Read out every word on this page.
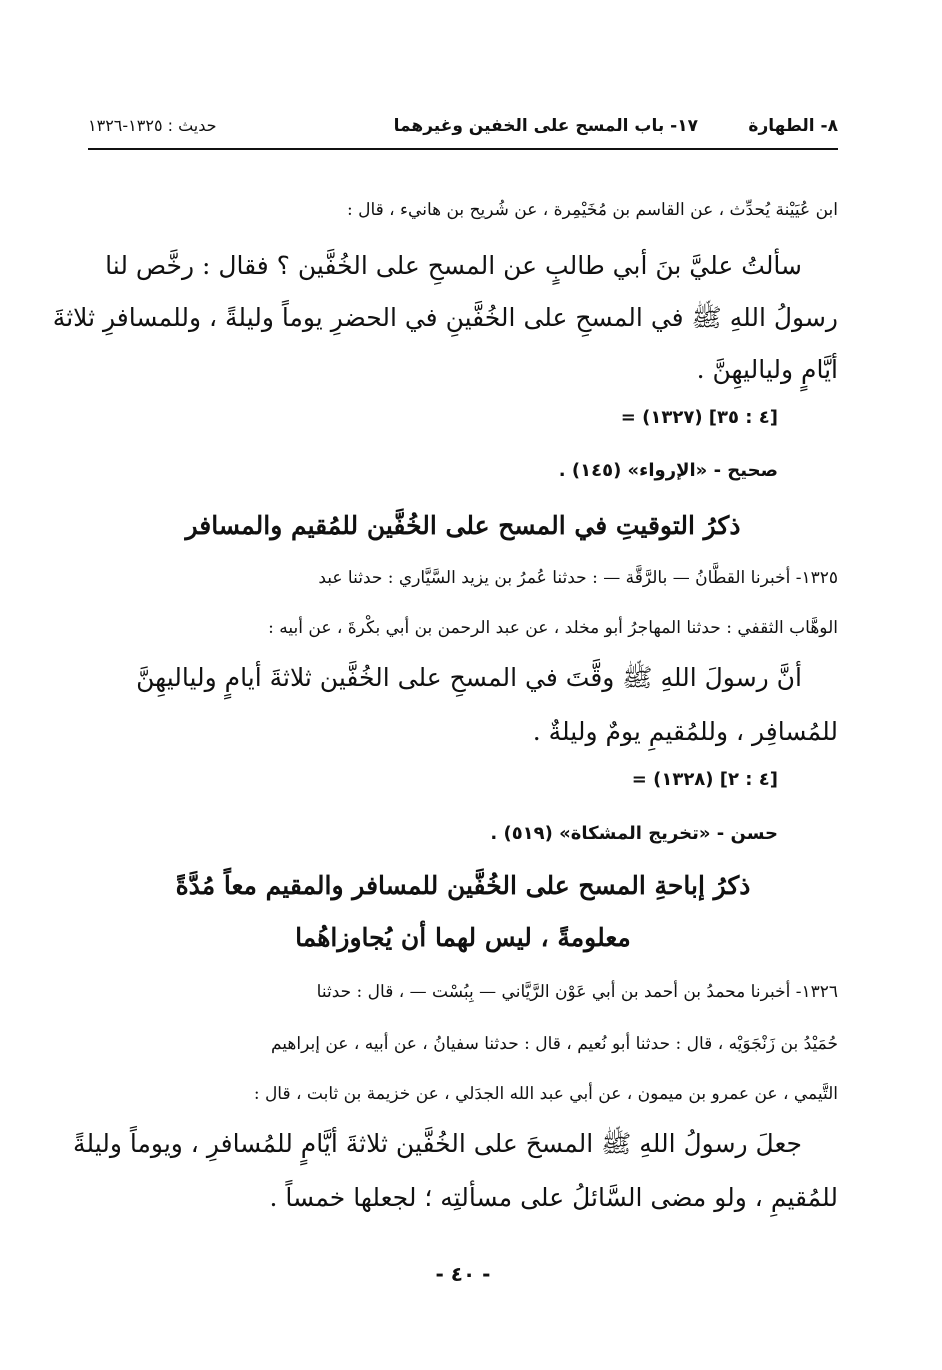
٨- الطهارة
١٧- باب المسح على الخفين وغيرهما
حديث : ١٣٢٥-١٣٢٦
ابن عُيَيْنة يُحدِّث ، عن القاسم بن مُخَيْمِرة ، عن شُريح بن هانيء ، قال :
سألتُ عليَّ بنَ أبي طالبٍ عن المسحِ على الخُفَّين ؟ فقال : رخَّص لنا
رسولُ اللهِ ﷺ في المسحِ على الخُفَّينِ في الحضرِ يوماً وليلةً ، وللمسافرِ ثلاثةَ
أيَّامٍ ولياليهِنَّ .
= (١٣٢٧) [٤ : ٣٥]
صحيح - «الإرواء» (١٤٥) .
ذكرُ التوقيتِ في المسح على الخُفَّين للمُقيم والمسافر
١٣٢٥- أخبرنا القطَّانُ — بالرَّقَّة — : حدثنا عُمرُ بن يزيد السَّيَّاري : حدثنا عبد
الوهَّاب الثقفي : حدثنا المهاجرُ أبو مخلد ، عن عبد الرحمن بن أبي بكْرةَ ، عن أبيه :
أنَّ رسولَ اللهِ ﷺ وقَّتَ في المسحِ على الخُفَّين ثلاثةَ أيامٍ ولياليهِنَّ
للمُسافِر ، وللمُقيمِ يومٌ وليلةٌ .
= (١٣٢٨) [٤ : ٢]
حسن - «تخريج المشكاة» (٥١٩) .
ذكرُ إباحةِ المسح على الخُفَّين للمسافر والمقيم معاً مُدَّةً
معلومةً ، ليس لهما أن يُجاوزاهُما
١٣٢٦- أخبرنا محمدُ بن أحمد بن أبي عَوْن الرَّيَّاني — بِبُسْت — ، قال : حدثنا
حُمَيْدُ بن زَنْجَوَيْه ، قال : حدثنا أبو نُعيم ، قال : حدثنا سفيانُ ، عن أبيه ، عن إبراهيم
التَّيمي ، عن عمرو بن ميمون ، عن أبي عبد الله الجدَلي ، عن خزيمة بن ثابت ، قال :
جعلَ رسولُ اللهِ ﷺ المسحَ على الخُفَّين ثلاثةَ أيَّامٍ للمُسافرِ ، ويوماً وليلةً
للمُقيمِ ، ولو مضى السَّائلُ على مسألتِه ؛ لجعلها خمساً .
- ٤٠ -
